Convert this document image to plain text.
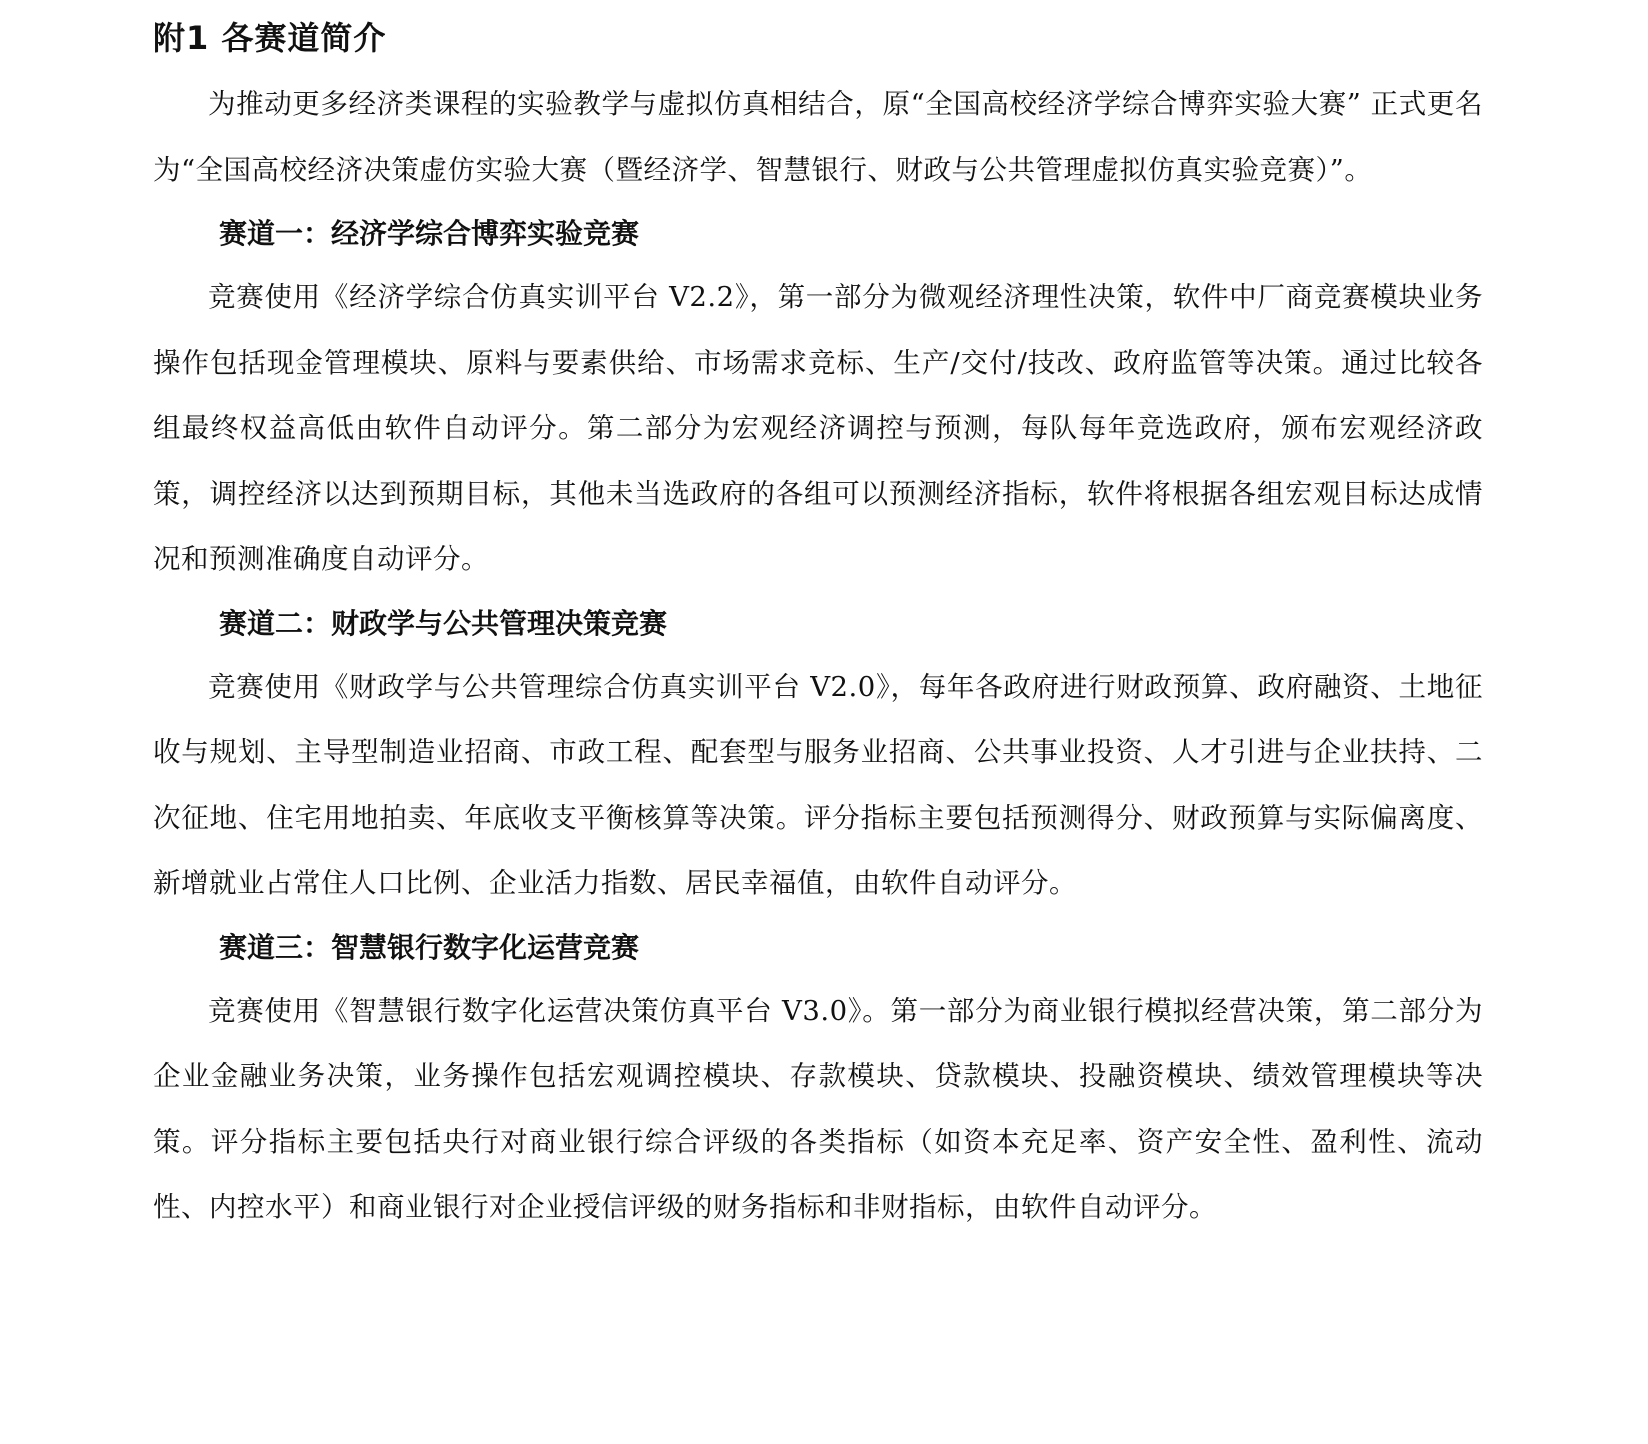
附1 各赛道简介

为推动更多经济类课程的实验教学与虚拟仿真相结合，原“全国高校经济学综合博弈实验大赛” 正式更名为“全国高校经济决策虚仿实验大赛（暨经济学、智慧银行、财政与公共管理虚拟仿真实验竞赛）”。

赛道一：经济学综合博弈实验竞赛

竞赛使用《经济学综合仿真实训平台 V2.2》，第一部分为微观经济理性决策，软件中厂商竞赛模块业务操作包括现金管理模块、原料与要素供给、市场需求竞标、生产/交付/技改、政府监管等决策。通过比较各组最终权益高低由软件自动评分。第二部分为宏观经济调控与预测，每队每年竞选政府，颁布宏观经济政策，调控经济以达到预期目标，其他未当选政府的各组可以预测经济指标，软件将根据各组宏观目标达成情况和预测准确度自动评分。

赛道二：财政学与公共管理决策竞赛

竞赛使用《财政学与公共管理综合仿真实训平台 V2.0》，每年各政府进行财政预算、政府融资、土地征收与规划、主导型制造业招商、市政工程、配套型与服务业招商、公共事业投资、人才引进与企业扶持、二次征地、住宅用地拍卖、年底收支平衡核算等决策。评分指标主要包括预测得分、财政预算与实际偏离度、新增就业占常住人口比例、企业活力指数、居民幸福值，由软件自动评分。

赛道三：智慧银行数字化运营竞赛

竞赛使用《智慧银行数字化运营决策仿真平台 V3.0》。第一部分为商业银行模拟经营决策，第二部分为企业金融业务决策，业务操作包括宏观调控模块、存款模块、贷款模块、投融资模块、绩效管理模块等决策。评分指标主要包括央行对商业银行综合评级的各类指标（如资本充足率、资产安全性、盈利性、流动性、内控水平）和商业银行对企业授信评级的财务指标和非财指标，由软件自动评分。
